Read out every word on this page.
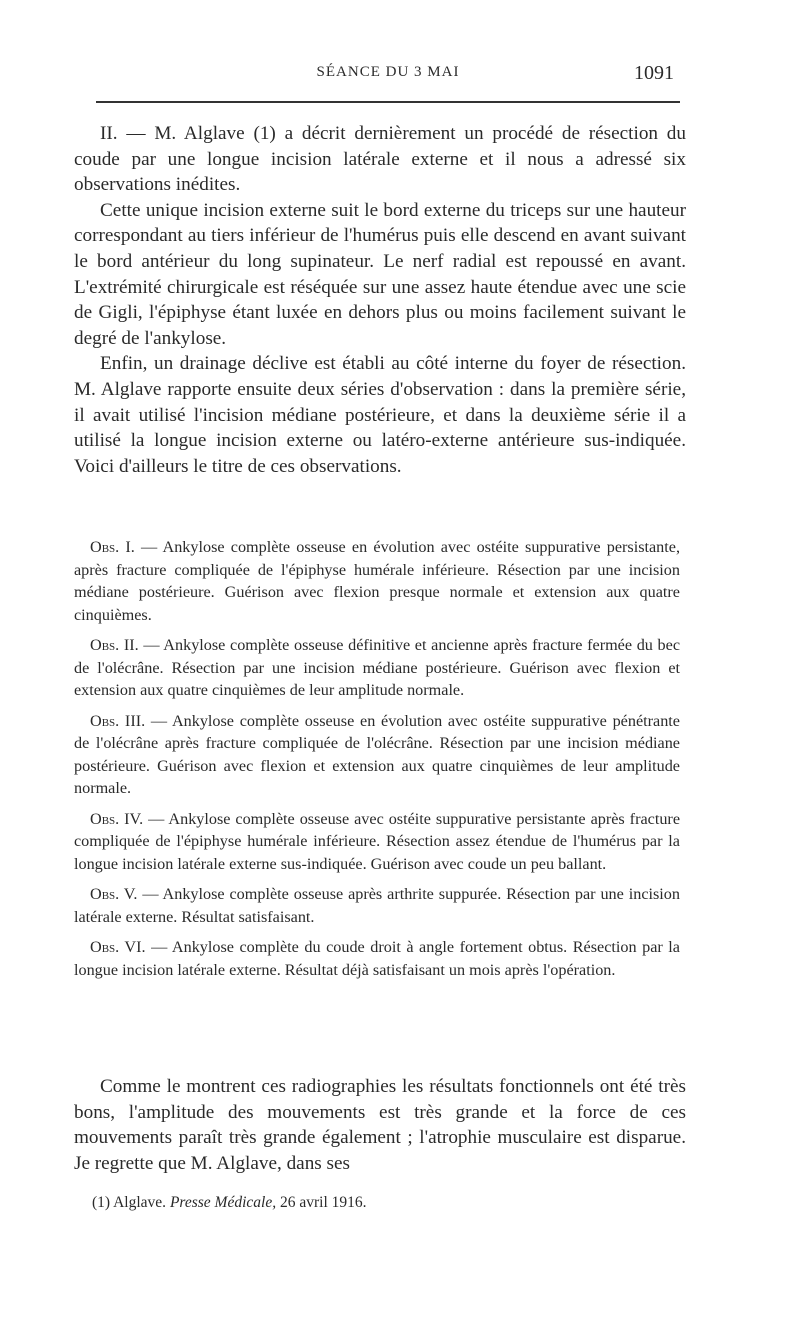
SÉANCE DU 3 MAI	1091

II. — M. Alglave (1) a décrit dernièrement un procédé de résection du coude par une longue incision latérale externe et il nous a adressé six observations inédites.

Cette unique incision externe suit le bord externe du triceps sur une hauteur correspondant au tiers inférieur de l'humérus puis elle descend en avant suivant le bord antérieur du long supinateur. Le nerf radial est repoussé en avant. L'extrémité chirurgicale est réséquée sur une assez haute étendue avec une scie de Gigli, l'épiphyse étant luxée en dehors plus ou moins facilement suivant le degré de l'ankylose.

Enfin, un drainage déclive est établi au côté interne du foyer de résection. M. Alglave rapporte ensuite deux séries d'observation : dans la première série, il avait utilisé l'incision médiane postérieure, et dans la deuxième série il a utilisé la longue incision externe ou latéro-externe antérieure sus-indiquée. Voici d'ailleurs le titre de ces observations.

Obs. I. — Ankylose complète osseuse en évolution avec ostéite suppurative persistante, après fracture compliquée de l'épiphyse humérale inférieure. Résection par une incision médiane postérieure. Guérison avec flexion presque normale et extension aux quatre cinquièmes.

Obs. II. — Ankylose complète osseuse définitive et ancienne après fracture fermée du bec de l'olécrâne. Résection par une incision médiane postérieure. Guérison avec flexion et extension aux quatre cinquièmes de leur amplitude normale.

Obs. III. — Ankylose complète osseuse en évolution avec ostéite suppurative pénétrante de l'olécrâne après fracture compliquée de l'olécrâne. Résection par une incision médiane postérieure. Guérison avec flexion et extension aux quatre cinquièmes de leur amplitude normale.

Obs. IV. — Ankylose complète osseuse avec ostéite suppurative persistante après fracture compliquée de l'épiphyse humérale inférieure. Résection assez étendue de l'humérus par la longue incision latérale externe sus-indiquée. Guérison avec coude un peu ballant.

Obs. V. — Ankylose complète osseuse après arthrite suppurée. Résection par une incision latérale externe. Résultat satisfaisant.

Obs. VI. — Ankylose complète du coude droit à angle fortement obtus. Résection par la longue incision latérale externe. Résultat déjà satisfaisant un mois après l'opération.

Comme le montrent ces radiographies les résultats fonctionnels ont été très bons, l'amplitude des mouvements est très grande et la force de ces mouvements paraît très grande également ; l'atrophie musculaire est disparue. Je regrette que M. Alglave, dans ses

(1) Alglave. Presse Médicale, 26 avril 1916.
